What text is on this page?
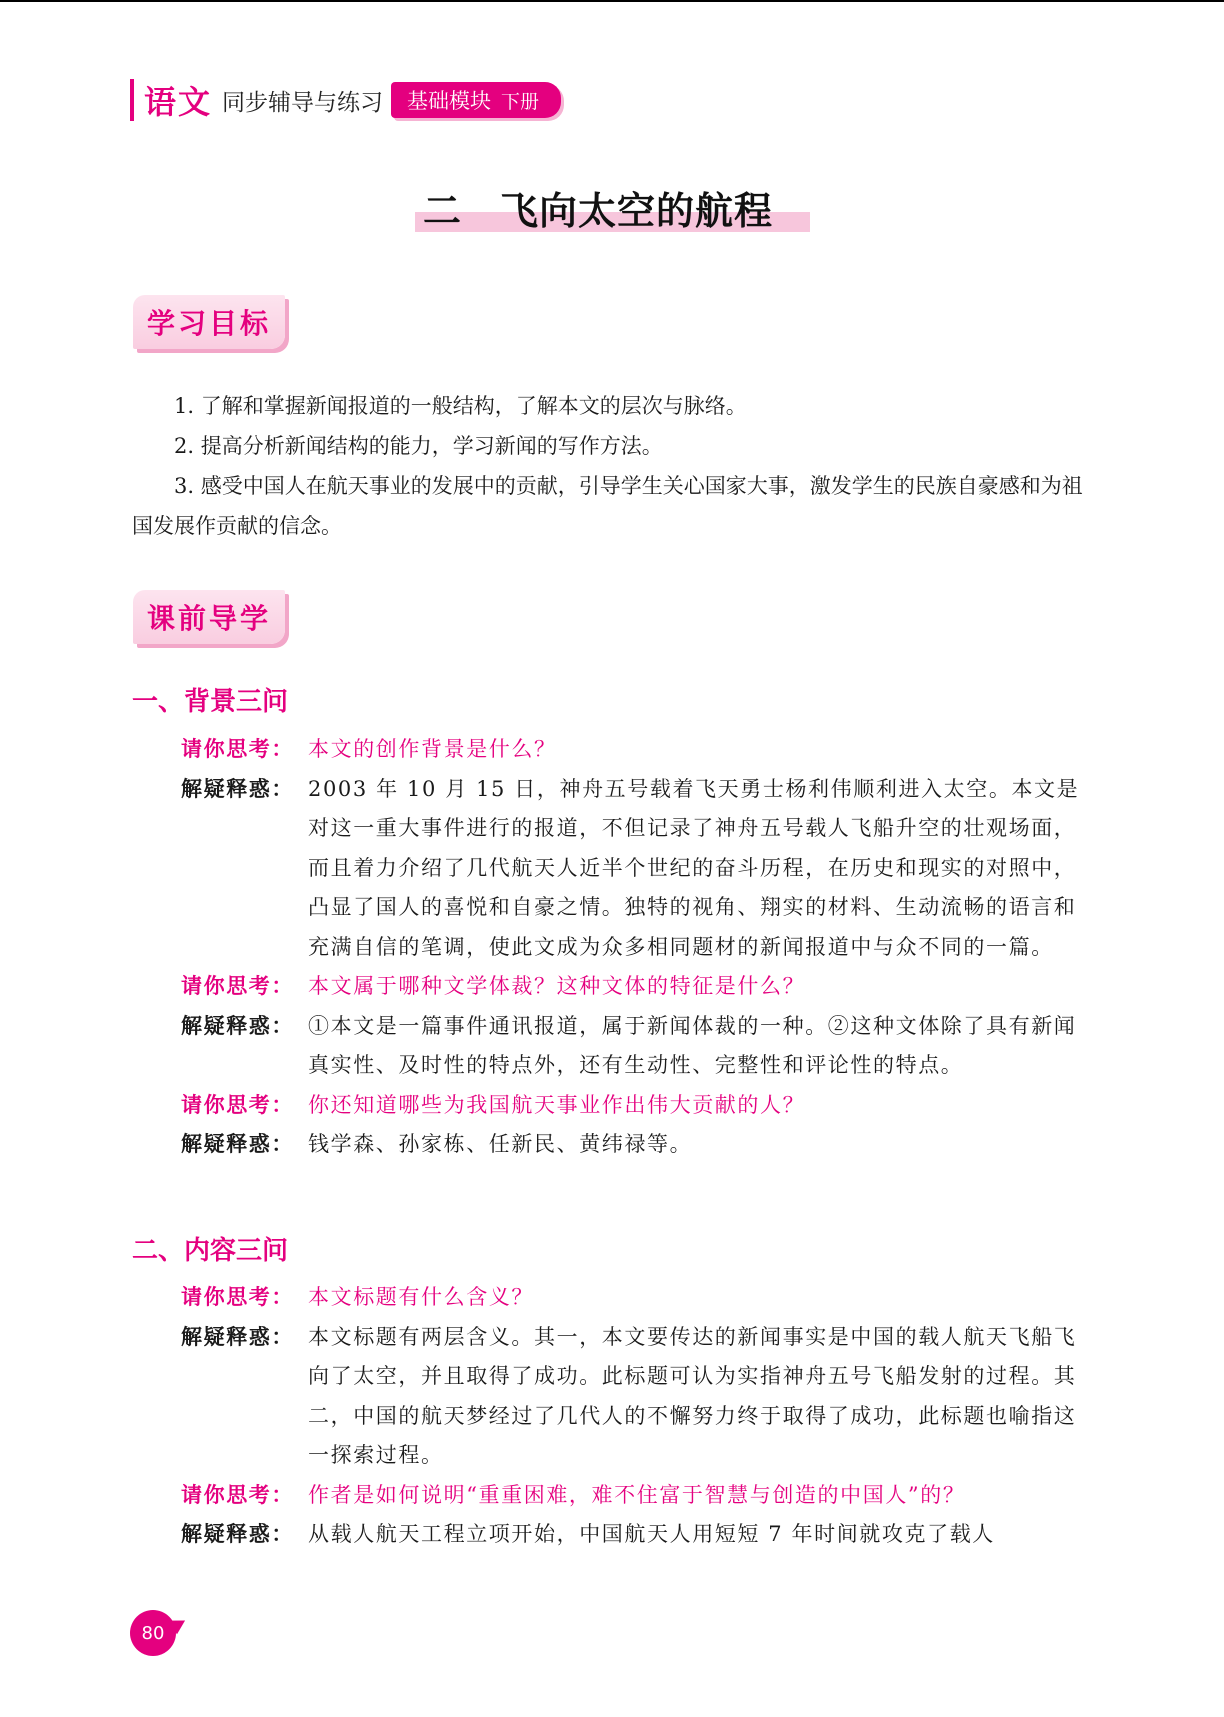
语文 同步辅导与练习	基础模块 下册
二 飞向太空的航程
学习目标

1. 了解和掌握新闻报道的一般结构，了解本文的层次与脉络。

2. 提高分析新闻结构的能力，学习新闻的写作方法。

3. 感受中国人在航天事业的发展中的贡献，引导学生关心国家大事，激发学生的民族自豪感和为祖国发展作贡献的信念。

课前导学
一、背景三问
请你思考： 本文的创作背景是什么？
解疑释惑： 2003 年 10 月 15 日，神舟五号载着飞天勇士杨利伟顺利进入太空。本文是对这一重大事件进行的报道，不但记录了神舟五号载人飞船升空的壮观场面，而且着力介绍了几代航天人近半个世纪的奋斗历程，在历史和现实的对照中，凸显了国人的喜悦和自豪之情。独特的视角、翔实的材料、生动流畅的语言和充满自信的笔调，使此文成为众多相同题材的新闻报道中与众不同的一篇。
请你思考： 本文属于哪种文学体裁？这种文体的特征是什么？
解疑释惑： ①本文是一篇事件通讯报道，属于新闻体裁的一种。②这种文体除了具有新闻真实性、及时性的特点外，还有生动性、完整性和评论性的特点。
请你思考： 你还知道哪些为我国航天事业作出伟大贡献的人？
解疑释惑： 钱学森、孙家栋、任新民、黄纬禄等。
二、内容三问
请你思考： 本文标题有什么含义？
解疑释惑： 本文标题有两层含义。其一，本文要传达的新闻事实是中国的载人航天飞船飞向了太空，并且取得了成功。此标题可认为实指神舟五号飞船发射的过程。其二，中国的航天梦经过了几代人的不懈努力终于取得了成功，此标题也喻指这一探索过程。
请你思考： 作者是如何说明“重重困难，难不住富于智慧与创造的中国人”的？
解疑释惑： 从载人航天工程立项开始，中国航天人用短短 7 年时间就攻克了载人
80
